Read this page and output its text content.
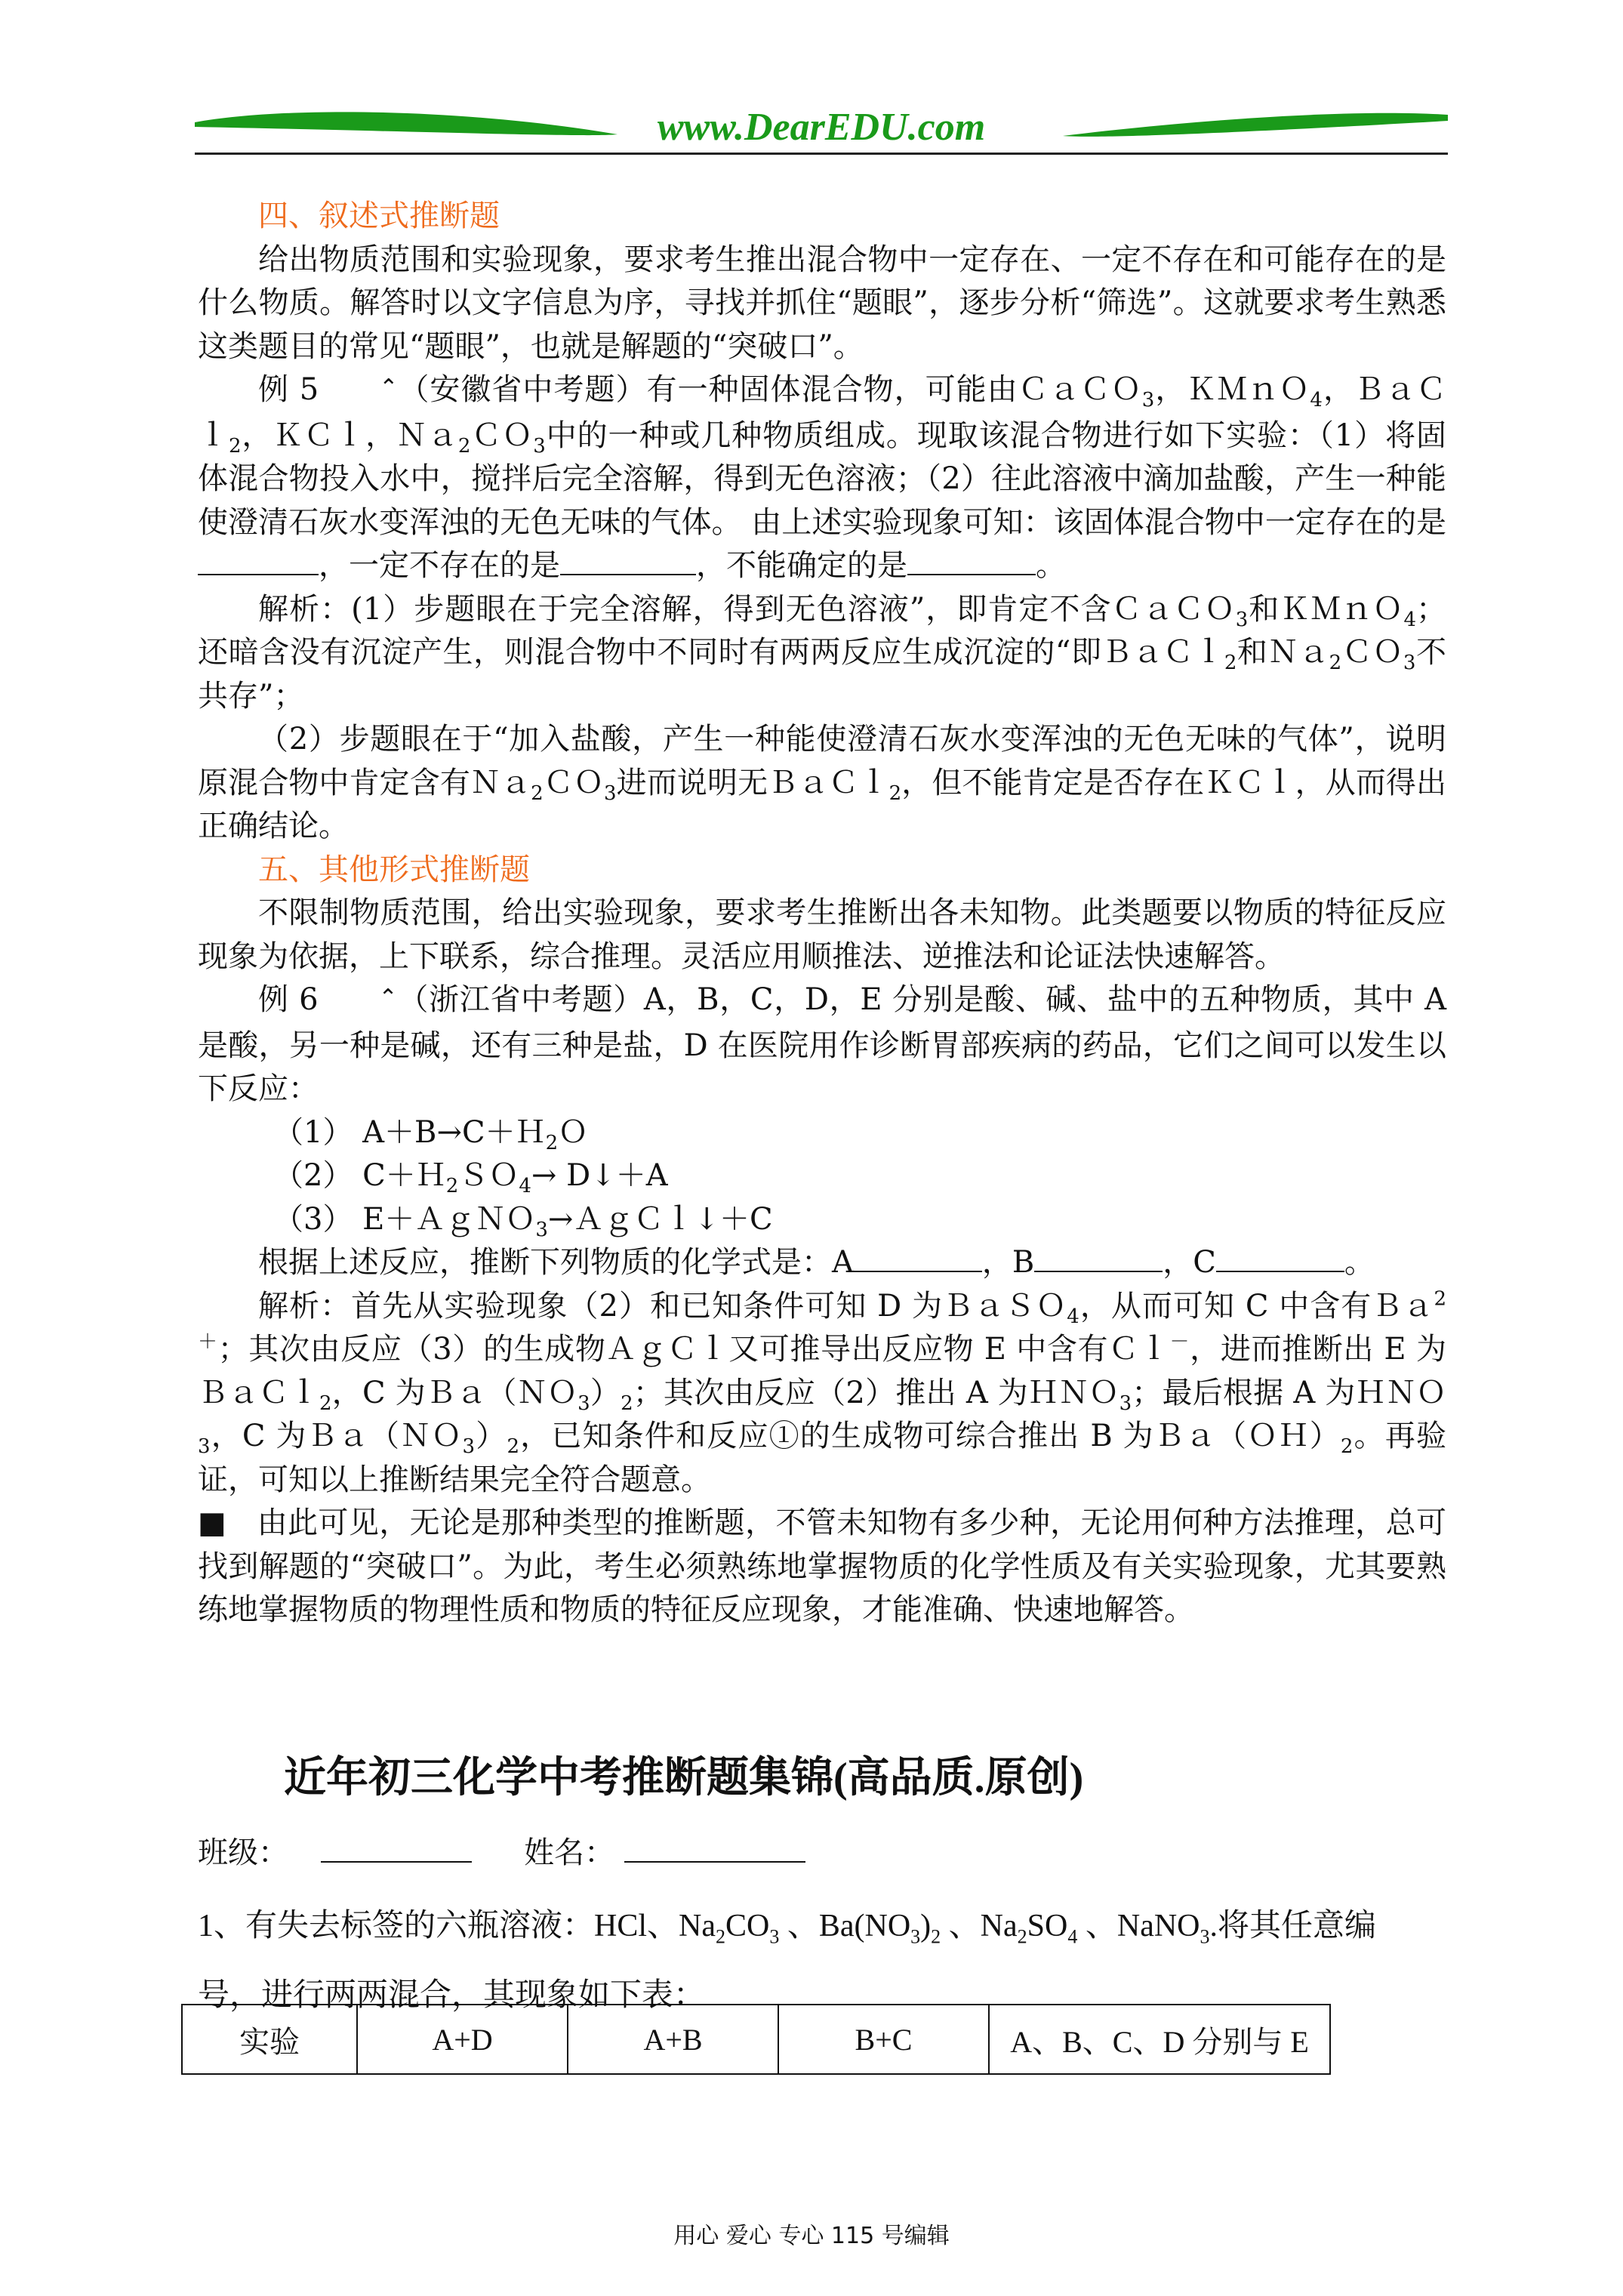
www.DearEDU.com

四、叙述式推断题

给出物质范围和实验现象，要求考生推出混合物中一定存在、一定不存在和可能存在的是什么物质。解答时以文字信息为序，寻找并抓住“题眼”，逐步分析“筛选”。这就要求考生熟悉这类题目的常见“题眼”，也就是解题的“突破口”。

例 5	⌃（安徽省中考题）有一种固体混合物，可能由ＣａＣＯ$_3$，ＫＭｎＯ$_4$，ＢａＣｌ$_2$，ＫＣｌ，Ｎａ$_2$ＣＯ$_3$中的一种或几种物质组成。现取该混合物进行如下实验：（1）将固体混合物投入水中，搅拌后完全溶解，得到无色溶液；（2）往此溶液中滴加盐酸，产生一种能使澄清石灰水变浑浊的无色无味的气体。 由上述实验现象可知：该固体混合物中一定存在的是，一定不存在的是	，不能确定的是	。

解析：(1）步题眼在于完全溶解，得到无色溶液”，即肯定不含ＣａＣＯ$_3$和ＫＭｎＯ$_4$；还暗含没有沉淀产生，则混合物中不同时有两两反应生成沉淀的“即ＢａＣｌ$_2$和Ｎａ$_2$ＣＯ$_3$不共存”；

（2）步题眼在于“加入盐酸，产生一种能使澄清石灰水变浑浊的无色无味的气体”，说明原混合物中肯定含有Ｎａ$_2$ＣＯ$_3$进而说明无ＢａＣｌ$_2$，但不能肯定是否存在ＫＣｌ，从而得出正确结论。

五、其他形式推断题

不限制物质范围，给出实验现象，要求考生推断出各未知物。此类题要以物质的特征反应现象为依据，上下联系，综合推理。灵活应用顺推法、逆推法和论证法快速解答。

例 6	⌃（浙江省中考题）A，B，C，D，E 分别是酸、碱、盐中的五种物质，其中 A 是酸，另一种是碱，还有三种是盐，D 在医院用作诊断胃部疾病的药品，它们之间可以发生以下反应：

（1） A＋B→C＋Ｈ$_2$Ｏ

（2） C＋Ｈ$_2$ＳＯ$_4$→ D↓＋A

（3） E＋ＡｇＮＯ$_3$→ＡｇＣｌ↓＋C

根据上述反应，推断下列物质的化学式是：A	，B	，C	。

解析：首先从实验现象（2）和已知条件可知 D 为ＢａＳＯ$_4$，从而可知 C 中含有Ｂａ$^{2+}$；其次由反应（3）的生成物ＡｇＣｌ又可推导出反应物 E 中含有Ｃｌ－，进而推断出 E 为ＢａＣｌ$_2$，C 为$Ba(NO_3)_2$；其次由反应（2）推出 A 为ＨＮＯ$_3$；最后根据 A 为ＨＮＯ$_3$，C 为$Ba(NO_3)_2$，已知条件和反应①的生成物可综合推出 B 为$Ba(OH)_2$。再验证，可知以上推断结果完全符合题意。

■　由此可见，无论是那种类型的推断题，不管未知物有多少种，无论用何种方法推理，总可找到解题的“突破口”。为此，考生必须熟练地掌握物质的化学性质及有关实验现象，尤其要熟练地掌握物质的物理性质和物质的特征反应现象，才能准确、快速地解答。

近年初三化学中考推断题集锦(高品质.原创)
班级：	姓名：

1、有失去标签的六瓶溶液：HCl、$Na_2CO_3$ 、$Ba(NO_3)_2$ 、$Na_2SO_4$ 、NaNO$_3$.将其任意编

号，进行两两混合，其现象如下表：

实验	A+D	A+B	B+C	A、B、C、D 分别与 E
用心 爱心 专心 115 号编辑
